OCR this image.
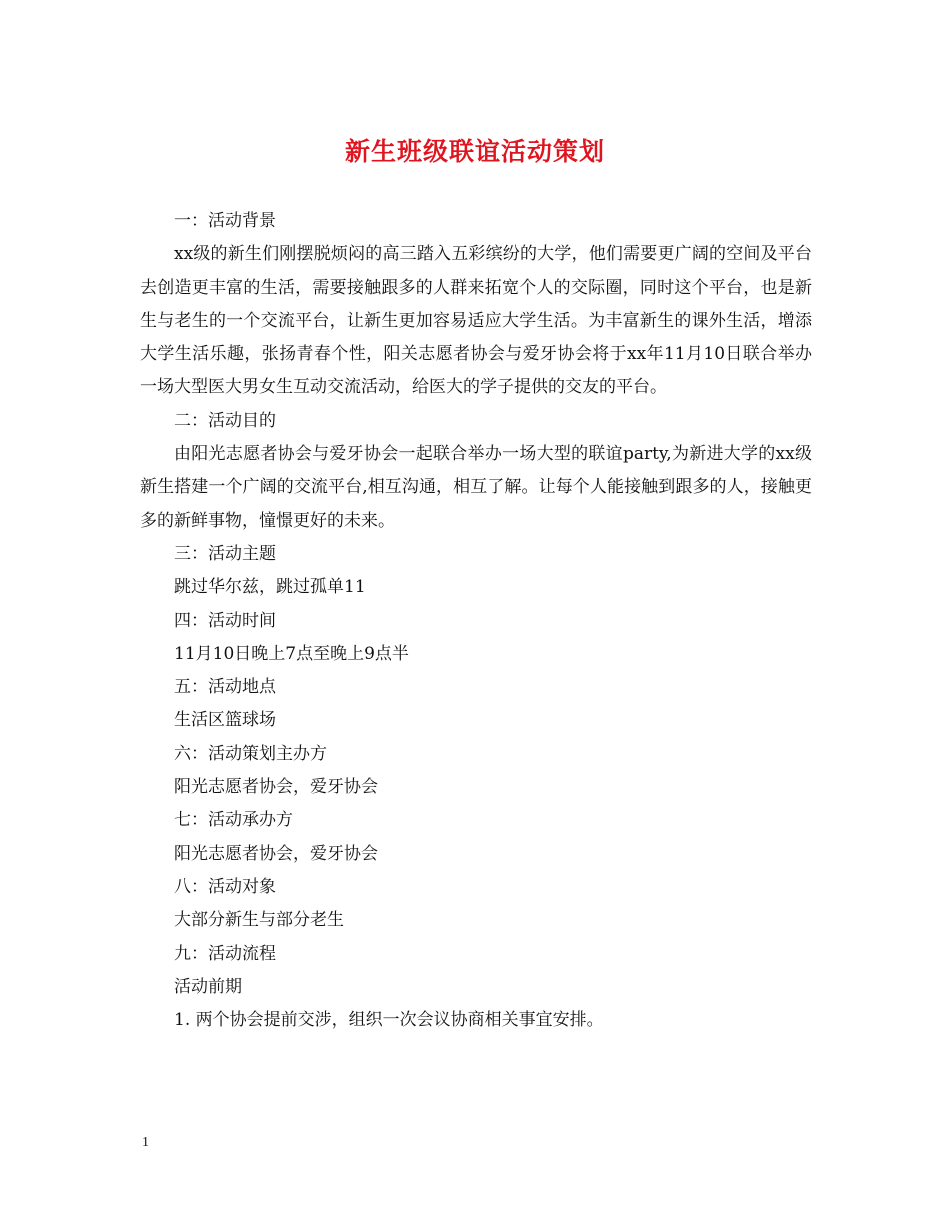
新生班级联谊活动策划
一：活动背景
xx级的新生们刚摆脱烦闷的高三踏入五彩缤纷的大学，他们需要更广阔的空间及平台去创造更丰富的生活，需要接触跟多的人群来拓宽个人的交际圈，同时这个平台，也是新生与老生的一个交流平台，让新生更加容易适应大学生活。为丰富新生的课外生活，增添大学生活乐趣，张扬青春个性，阳关志愿者协会与爱牙协会将于xx年11月10日联合举办一场大型医大男女生互动交流活动，给医大的学子提供的交友的平台。
二：活动目的
由阳光志愿者协会与爱牙协会一起联合举办一场大型的联谊party,为新进大学的xx级新生搭建一个广阔的交流平台,相互沟通，相互了解。让每个人能接触到跟多的人，接触更多的新鲜事物，憧憬更好的未来。
三：活动主题
跳过华尔兹，跳过孤单11
四：活动时间
11月10日晚上7点至晚上9点半
五：活动地点
生活区篮球场
六：活动策划主办方
阳光志愿者协会，爱牙协会
七：活动承办方
阳光志愿者协会，爱牙协会
八：活动对象
大部分新生与部分老生
九：活动流程
活动前期
1. 两个协会提前交涉，组织一次会议协商相关事宜安排。
1
